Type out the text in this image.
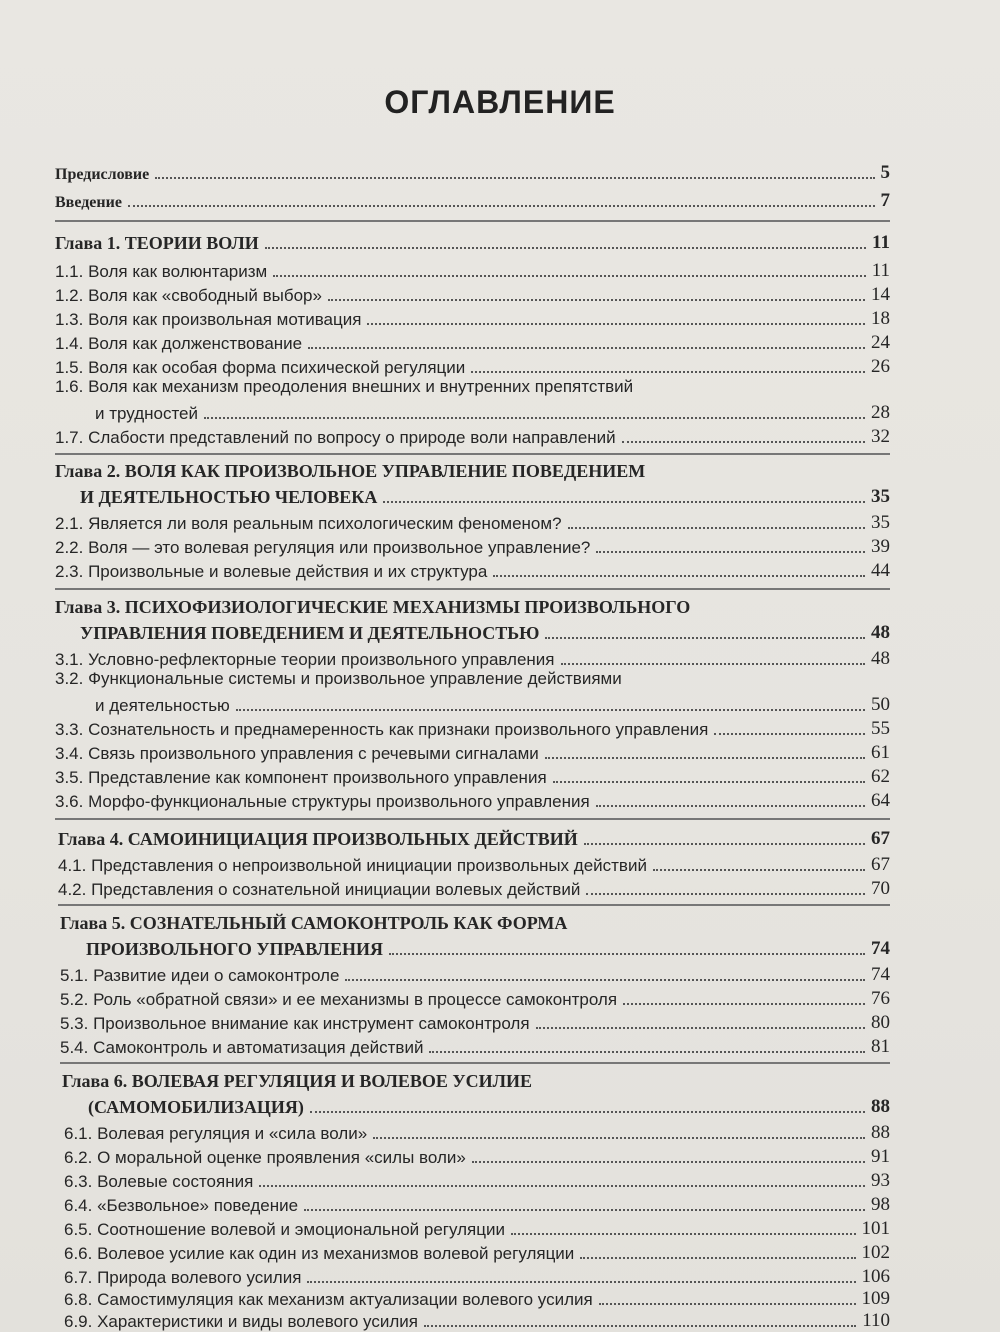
ОГЛАВЛЕНИЕ
Предисловие	5
Введение	7
Глава 1. ТЕОРИИ ВОЛИ	11
1.1. Воля как волюнтаризм	11
1.2. Воля как «свободный выбор»	14
1.3. Воля как произвольная мотивация	18
1.4. Воля как долженствование	24
1.5. Воля как особая форма психической регуляции	26
1.6. Воля как механизм преодоления внешних и внутренних препятствий
и трудностей	28
1.7. Слабости представлений по вопросу о природе воли направлений	32
Глава 2. ВОЛЯ КАК ПРОИЗВОЛЬНОЕ УПРАВЛЕНИЕ ПОВЕДЕНИЕМ
И ДЕЯТЕЛЬНОСТЬЮ ЧЕЛОВЕКА	35
2.1. Является ли воля реальным психологическим феноменом?	35
2.2. Воля — это волевая регуляция или произвольное управление?	39
2.3. Произвольные и волевые действия и их структура	44
Глава 3. ПСИХОФИЗИОЛОГИЧЕСКИЕ МЕХАНИЗМЫ ПРОИЗВОЛЬНОГО
УПРАВЛЕНИЯ ПОВЕДЕНИЕМ И ДЕЯТЕЛЬНОСТЬЮ	48
3.1. Условно-рефлекторные теории произвольного управления	48
3.2. Функциональные системы и произвольное управление действиями
и деятельностью	50
3.3. Сознательность и преднамеренность как признаки произвольного управления	55
3.4. Связь произвольного управления с речевыми сигналами	61
3.5. Представление как компонент произвольного управления	62
3.6. Морфо-функциональные структуры произвольного управления	64
Глава 4. САМОИНИЦИАЦИЯ ПРОИЗВОЛЬНЫХ ДЕЙСТВИЙ	67
4.1. Представления о непроизвольной инициации произвольных действий	67
4.2. Представления о сознательной инициации волевых действий	70
Глава 5. СОЗНАТЕЛЬНЫЙ САМОКОНТРОЛЬ КАК ФОРМА
ПРОИЗВОЛЬНОГО УПРАВЛЕНИЯ	74
5.1. Развитие идеи о самоконтроле	74
5.2. Роль «обратной связи» и ее механизмы в процессе самоконтроля	76
5.3. Произвольное внимание как инструмент самоконтроля	80
5.4. Самоконтроль и автоматизация действий	81
Глава 6. ВОЛЕВАЯ РЕГУЛЯЦИЯ И ВОЛЕВОЕ УСИЛИЕ
(САМОМОБИЛИЗАЦИЯ)	88
6.1. Волевая регуляция и «сила воли»	88
6.2. О моральной оценке проявления «силы воли»	91
6.3. Волевые состояния	93
6.4. «Безвольное» поведение	98
6.5. Соотношение волевой и эмоциональной регуляции	101
6.6. Волевое усилие как один из механизмов волевой регуляции	102
6.7. Природа волевого усилия	106
6.8. Самостимуляция как механизм актуализации волевого усилия	109
6.9. Характеристики и виды волевого усилия	110
